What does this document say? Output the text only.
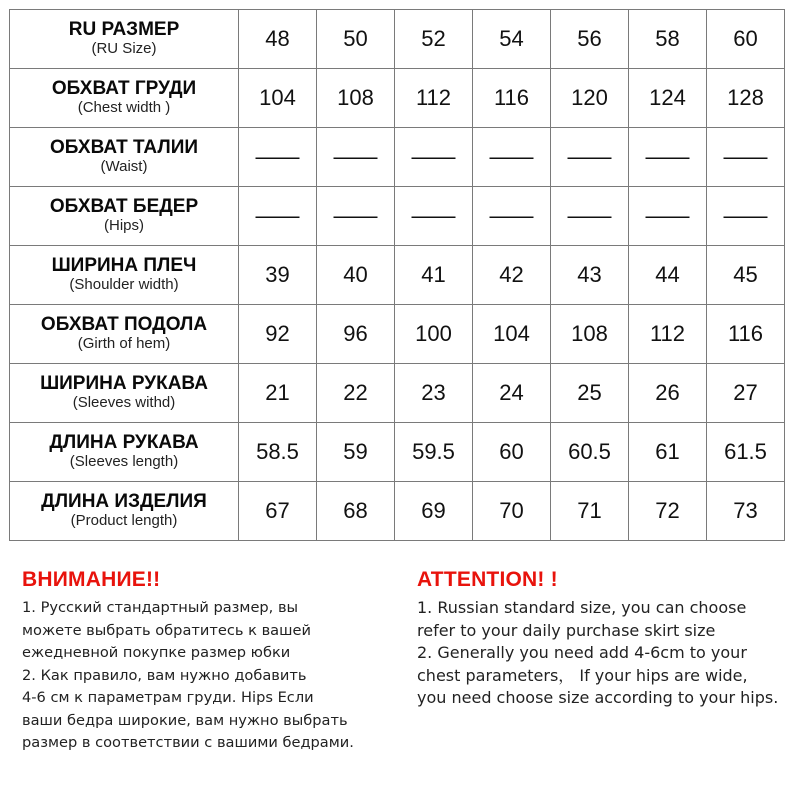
RU РАЗМЕР
(RU Size)	48	50	52	54	56	58	60

ОБХВАТ ГРУДИ
(Chest width )	104	108	112	116	120	124	128

ОБХВАТ ТАЛИИ
(Waist)	——	——	——	——	——	——	——

ОБХВАТ БЕДЕР
(Hips)	——	——	——	——	——	——	——

ШИРИНА ПЛЕЧ
(Shoulder width)	39	40	41	42	43	44	45

ОБХВАТ ПОДОЛА
(Girth of hem)	92	96	100	104	108	112	116

ШИРИНА РУКАВА
(Sleeves withd)	21	22	23	24	25	26	27

ДЛИНА РУКАВА
(Sleeves length)	58.5	59	59.5	60	60.5	61	61.5

ДЛИНА ИЗДЕЛИЯ
(Product length)	67	68	69	70	71	72	73
ВНИМАНИЕ!!
1. Русский стандартный размер, вы
можете выбрать обратитесь к вашей
ежедневной покупке размер юбки
2. Как правило, вам нужно добавить
4-6 см к параметрам груди. Hips Если
ваши бедра широкие, вам нужно выбрать
размер в соответствии с вашими бедрами.
ATTENTION! !
1. Russian standard size, you can choose
refer to your daily purchase skirt size
2. Generally you need add 4-6cm to your
chest parameters， If your hips are wide,
you need choose size according to your hips.
